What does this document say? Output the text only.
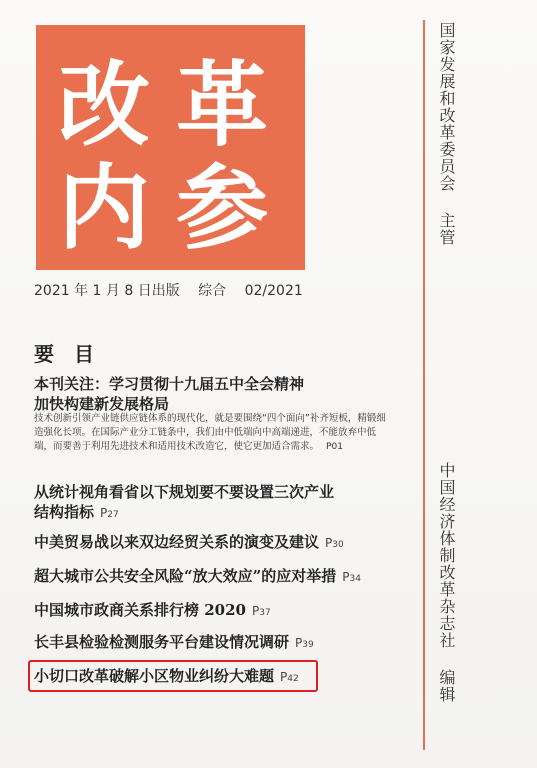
改 革
内 参
2021 年 1 月 8 日出版 综合 02/2021
国家发展和改革委员会 主管
中国经济体制改革杂志社 编辑
要目
本刊关注：学习贯彻十九届五中全会精神
加快构建新发展格局
技术创新引领产业链供应链体系的现代化，就是要围绕“四个面向”补齐短板，精锻细造强化长项。在国际产业分工链条中，我们由中低端向中高端递进，不能放弃中低端，而要善于利用先进技术和适用技术改造它，使它更加适合需求。 P01
从统计视角看省以下规划要不要设置三次产业
结构指标 P27
中美贸易战以来双边经贸关系的演变及建议 P30
超大城市公共安全风险“放大效应”的应对举措 P34
中国城市政商关系排行榜 2020 P37
长丰县检验检测服务平台建设情况调研 P39
小切口改革破解小区物业纠纷大难题 P42
